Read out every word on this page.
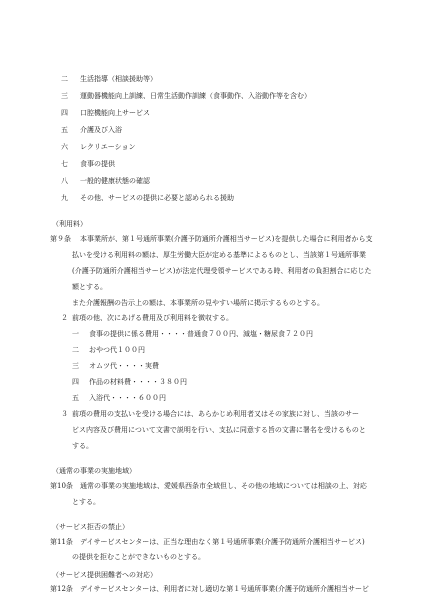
二 生活指導（相談援助等）
三 運動器機能向上訓練、日常生活動作訓練（食事動作、入浴動作等を含む）
四 口腔機能向上サービス
五 介護及び入浴
六 レクリエーション
七 食事の提供
八 一般的健康状態の確認
九 その他、サービスの提供に必要と認められる援助
（利用料）
第９条 本事業所が、第１号通所事業(介護予防通所介護相当サービス)を提供した場合に利用者から支
払いを受ける利用料の額は、厚生労働大臣が定める基準によるものとし、当該第１号通所事業
(介護予防通所介護相当サービス)が法定代理受領サービスである時、利用者の負担割合に応じた
額とする。
また介護報酬の告示上の額は、本事業所の見やすい場所に掲示するものとする。
２ 前項の他、次にあげる費用及び利用料を徴収する。
一 食事の提供に係る費用・・・・普通食７００円、減塩・糖尿食７２０円
二 おやつ代１００円
三 オムツ代・・・・実費
四 作品の材料費・・・・３８０円
五 入浴代・・・・６００円
３ 前項の費用の支払いを受ける場合には、あらかじめ利用者又はその家族に対し、当該のサー
ビス内容及び費用について文書で説明を行い、支払に同意する旨の文書に署名を受けるものと
する。
（通常の事業の実施地域）
第10条 通常の事業の実施地域は、愛媛県西条市全域但し、その他の地域については相談の上、対応
とする。
（サービス拒否の禁止）
第11条 デイサービスセンターは、正当な理由なく第１号通所事業(介護予防通所介護相当サービス)
の提供を拒むことができないものとする。
（サービス提供困難者への対応）
第12条 デイサービスセンターは、利用者に対し適切な第１号通所事業(介護予防通所介護相当サービ
